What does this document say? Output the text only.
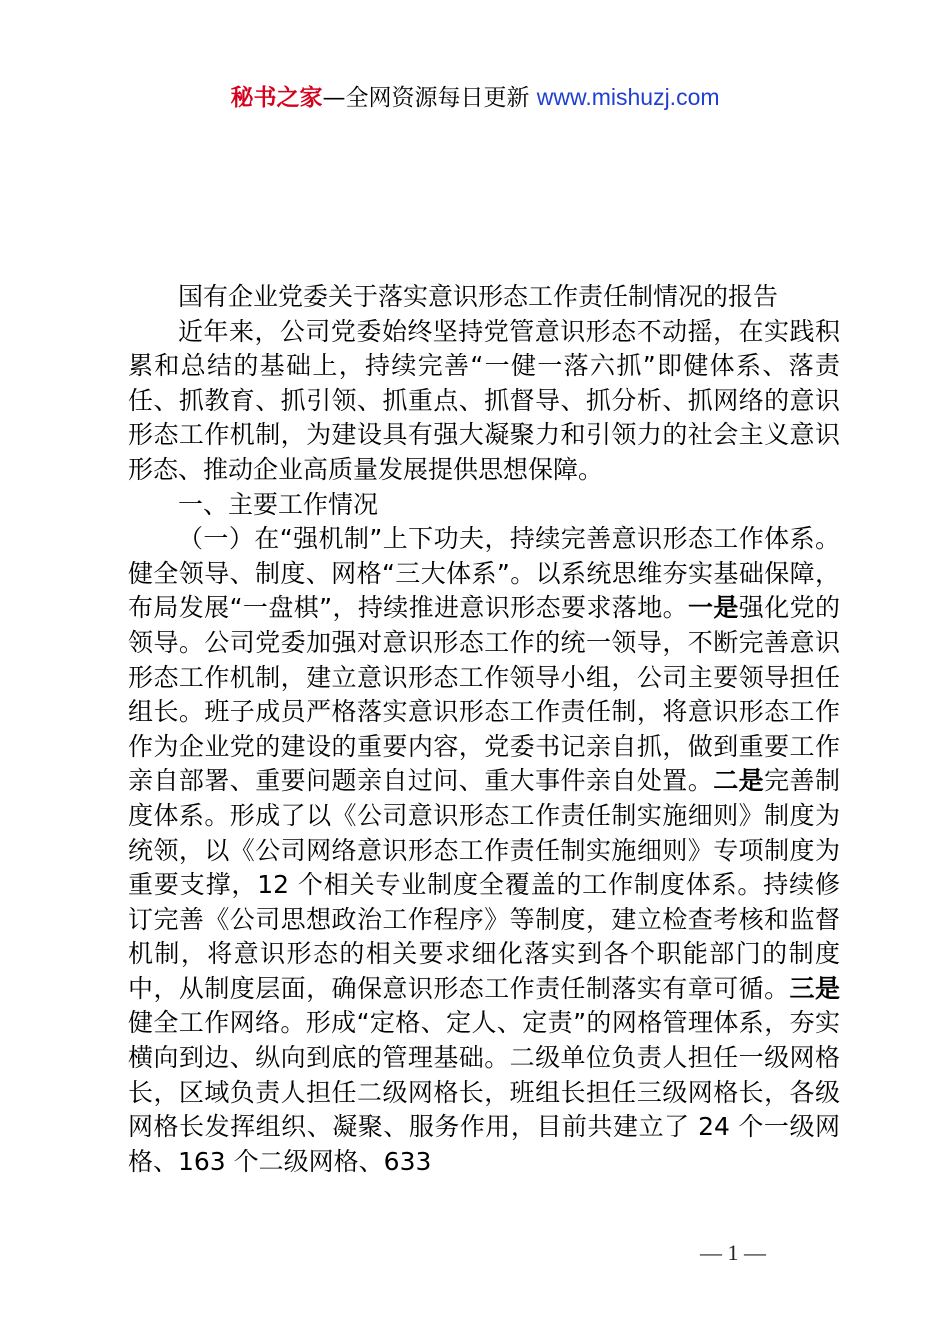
秘书之家—全网资源每日更新 www.mishuzj.com

国有企业党委关于落实意识形态工作责任制情况的报告

近年来，公司党委始终坚持党管意识形态不动摇，在实践积累和总结的基础上，持续完善“一健一落六抓”即健体系、落责任、抓教育、抓引领、抓重点、抓督导、抓分析、抓网络的意识形态工作机制，为建设具有强大凝聚力和引领力的社会主义意识形态、推动企业高质量发展提供思想保障。

一、主要工作情况

（一）在“强机制”上下功夫，持续完善意识形态工作体系。健全领导、制度、网格“三大体系”。以系统思维夯实基础保障，布局发展“一盘棋”，持续推进意识形态要求落地。一是强化党的领导。公司党委加强对意识形态工作的统一领导，不断完善意识形态工作机制，建立意识形态工作领导小组，公司主要领导担任组长。班子成员严格落实意识形态工作责任制，将意识形态工作作为企业党的建设的重要内容，党委书记亲自抓，做到重要工作亲自部署、重要问题亲自过问、重大事件亲自处置。二是完善制度体系。形成了以《公司意识形态工作责任制实施细则》制度为统领，以《公司网络意识形态工作责任制实施细则》专项制度为重要支撑，12 个相关专业制度全覆盖的工作制度体系。持续修订完善《公司思想政治工作程序》等制度，建立检查考核和监督机制，将意识形态的相关要求细化落实到各个职能部门的制度中，从制度层面，确保意识形态工作责任制落实有章可循。三是健全工作网络。形成“定格、定人、定责”的网格管理体系，夯实横向到边、纵向到底的管理基础。二级单位负责人担任一级网格长，区域负责人担任二级网格长，班组长担任三级网格长，各级网格长发挥组织、凝聚、服务作用，目前共建立了 24 个一级网格、163 个二级网格、633

— 1 —
